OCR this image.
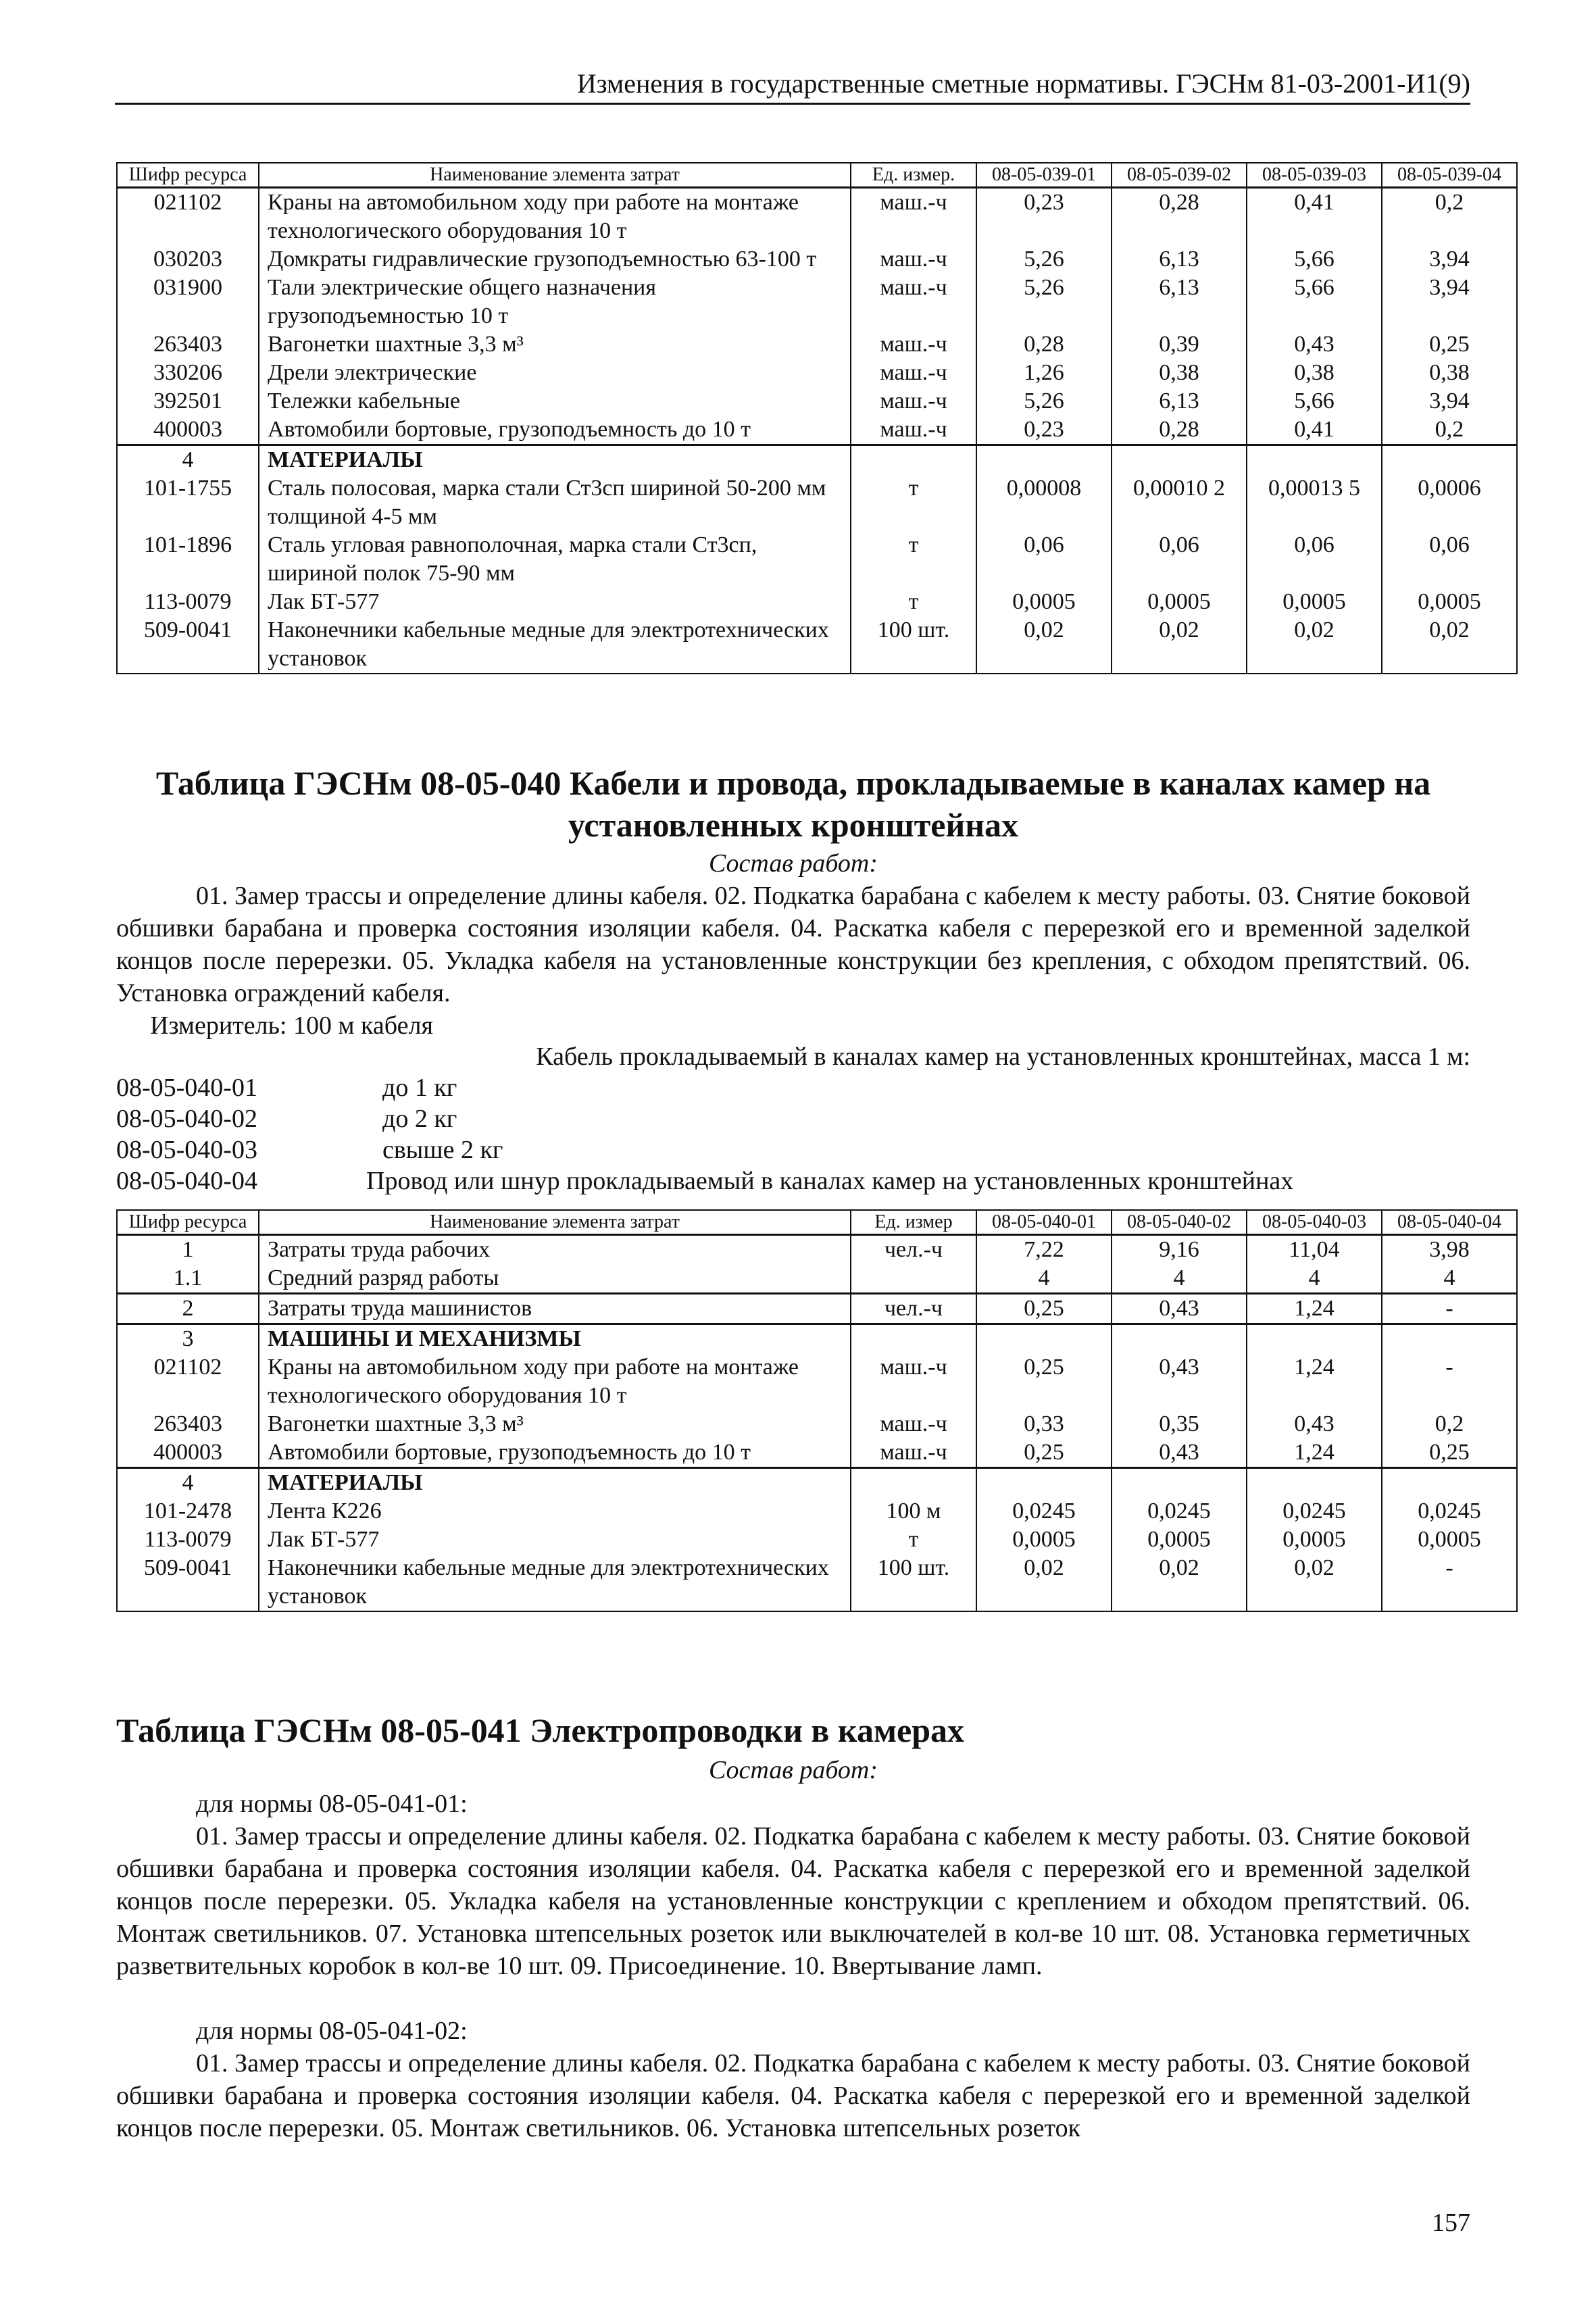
Изменения в государственные сметные нормативы. ГЭСНм 81-03-2001-И1(9)
Шифр ресурса	Наименование элемента затрат	Ед. измер.	08-05-039-01	08-05-039-02	08-05-039-03	08-05-039-04
021102	Краны на автомобильном ходу при работе на монтаже технологического оборудования 10 т	маш.-ч	0,23	0,28	0,41	0,2
030203	Домкраты гидравлические грузоподъемностью 63-100 т	маш.-ч	5,26	6,13	5,66	3,94
031900	Тали электрические общего назначения грузоподъемностью 10 т	маш.-ч	5,26	6,13	5,66	3,94
263403	Вагонетки шахтные 3,3 м³	маш.-ч	0,28	0,39	0,43	0,25
330206	Дрели электрические	маш.-ч	1,26	0,38	0,38	0,38
392501	Тележки кабельные	маш.-ч	5,26	6,13	5,66	3,94
400003	Автомобили бортовые, грузоподъемность до 10 т	маш.-ч	0,23	0,28	0,41	0,2
4	МАТЕРИАЛЫ					
101-1755	Сталь полосовая, марка стали Ст3сп шириной 50-200 мм толщиной 4-5 мм	т	0,00008	0,00010 2	0,00013 5	0,0006
101-1896	Сталь угловая равнополочная, марка стали Ст3сп, шириной полок 75-90 мм	т	0,06	0,06	0,06	0,06
113-0079	Лак БТ-577	т	0,0005	0,0005	0,0005	0,0005
509-0041	Наконечники кабельные медные для электротехнических установок	100 шт.	0,02	0,02	0,02	0,02
Таблица ГЭСНм 08-05-040 Кабели и провода, прокладываемые в каналах камер на
установленных кронштейнах
Состав работ:
01. Замер трассы и определение длины кабеля. 02. Подкатка барабана с кабелем к месту работы. 03. Снятие боковой обшивки барабана и проверка состояния изоляции кабеля. 04. Раскатка кабеля с перерезкой его и временной заделкой концов после перерезки. 05. Укладка кабеля на установленные конструкции без крепления, с обходом препятствий. 06. Установка ограждений кабеля.
Измеритель: 100 м кабеля
Кабель прокладываемый в каналах камер на установленных кронштейнах, масса 1 м:
08-05-040-01	до 1 кг
08-05-040-02	до 2 кг
08-05-040-03	свыше 2 кг
08-05-040-04	Провод или шнур прокладываемый в каналах камер на установленных кронштейнах
Шифр ресурса	Наименование элемента затрат	Ед. измер	08-05-040-01	08-05-040-02	08-05-040-03	08-05-040-04
1	Затраты труда рабочих	чел.-ч	7,22	9,16	11,04	3,98
1.1	Средний разряд работы		4	4	4	4
2	Затраты труда машинистов	чел.-ч	0,25	0,43	1,24	-
3	МАШИНЫ И МЕХАНИЗМЫ					
021102	Краны на автомобильном ходу при работе на монтаже технологического оборудования 10 т	маш.-ч	0,25	0,43	1,24	-
263403	Вагонетки шахтные 3,3 м³	маш.-ч	0,33	0,35	0,43	0,2
400003	Автомобили бортовые, грузоподъемность до 10 т	маш.-ч	0,25	0,43	1,24	0,25
4	МАТЕРИАЛЫ					
101-2478	Лента К226	100 м	0,0245	0,0245	0,0245	0,0245
113-0079	Лак БТ-577	т	0,0005	0,0005	0,0005	0,0005
509-0041	Наконечники кабельные медные для электротехнических установок	100 шт.	0,02	0,02	0,02	-
Таблица ГЭСНм 08-05-041 Электропроводки в камерах
Состав работ:
для нормы 08-05-041-01:
01. Замер трассы и определение длины кабеля. 02. Подкатка барабана с кабелем к месту работы. 03. Снятие боковой обшивки барабана и проверка состояния изоляции кабеля. 04. Раскатка кабеля с перерезкой его и временной заделкой концов после перерезки. 05. Укладка кабеля на установленные конструкции с креплением и обходом препятствий. 06. Монтаж светильников. 07. Установка штепсельных розеток или выключателей в кол-ве 10 шт. 08. Установка герметичных разветвительных коробок в кол-ве 10 шт. 09. Присоединение. 10. Ввертывание ламп.
для нормы 08-05-041-02:
01. Замер трассы и определение длины кабеля. 02. Подкатка барабана с кабелем к месту работы. 03. Снятие боковой обшивки барабана и проверка состояния изоляции кабеля. 04. Раскатка кабеля с перерезкой его и временной заделкой концов после перерезки. 05. Монтаж светильников. 06. Установка штепсельных розеток
157
